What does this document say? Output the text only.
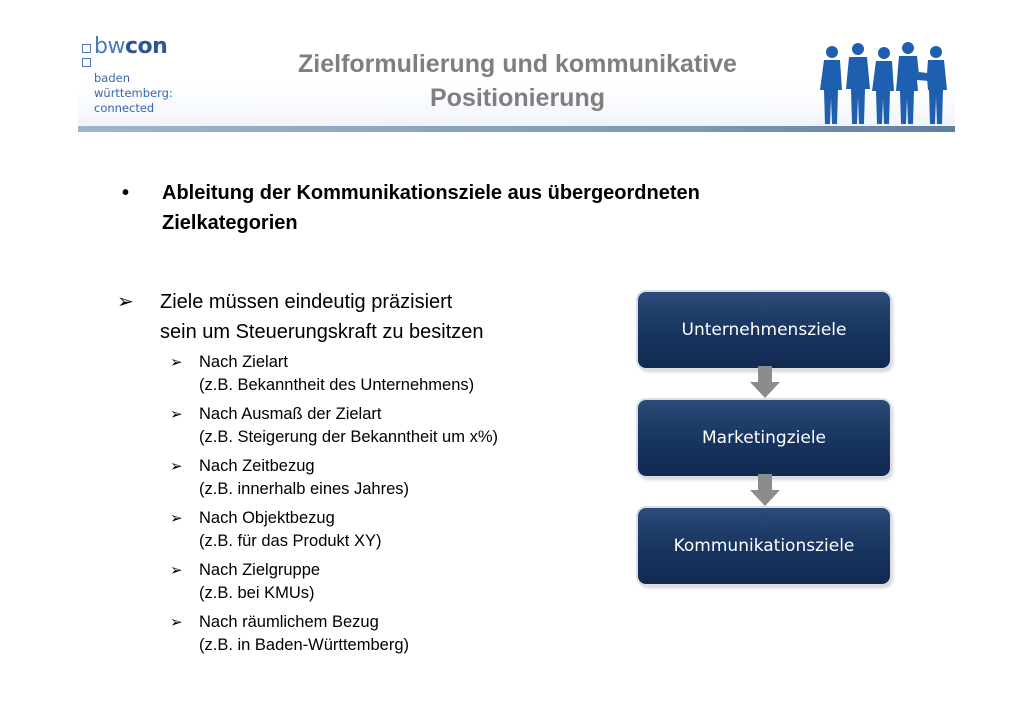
bwcon
baden
württemberg:
connected
Zielformulierung und kommunikative
Positionierung
• Ableitung der Kommunikationsziele aus übergeordneten
Zielkategorien
➢ Ziele müssen eindeutig präzisiert
sein um Steuerungskraft zu besitzen
➢ Nach Zielart
(z.B. Bekanntheit des Unternehmens)
➢ Nach Ausmaß der Zielart
(z.B. Steigerung der Bekanntheit um x%)
➢ Nach Zeitbezug
(z.B. innerhalb eines Jahres)
➢ Nach Objektbezug
(z.B. für das Produkt XY)
➢ Nach Zielgruppe
(z.B. bei KMUs)
➢ Nach räumlichem Bezug
(z.B. in Baden-Württemberg)
Unternehmensziele
Marketingziele
Kommunikationsziele
